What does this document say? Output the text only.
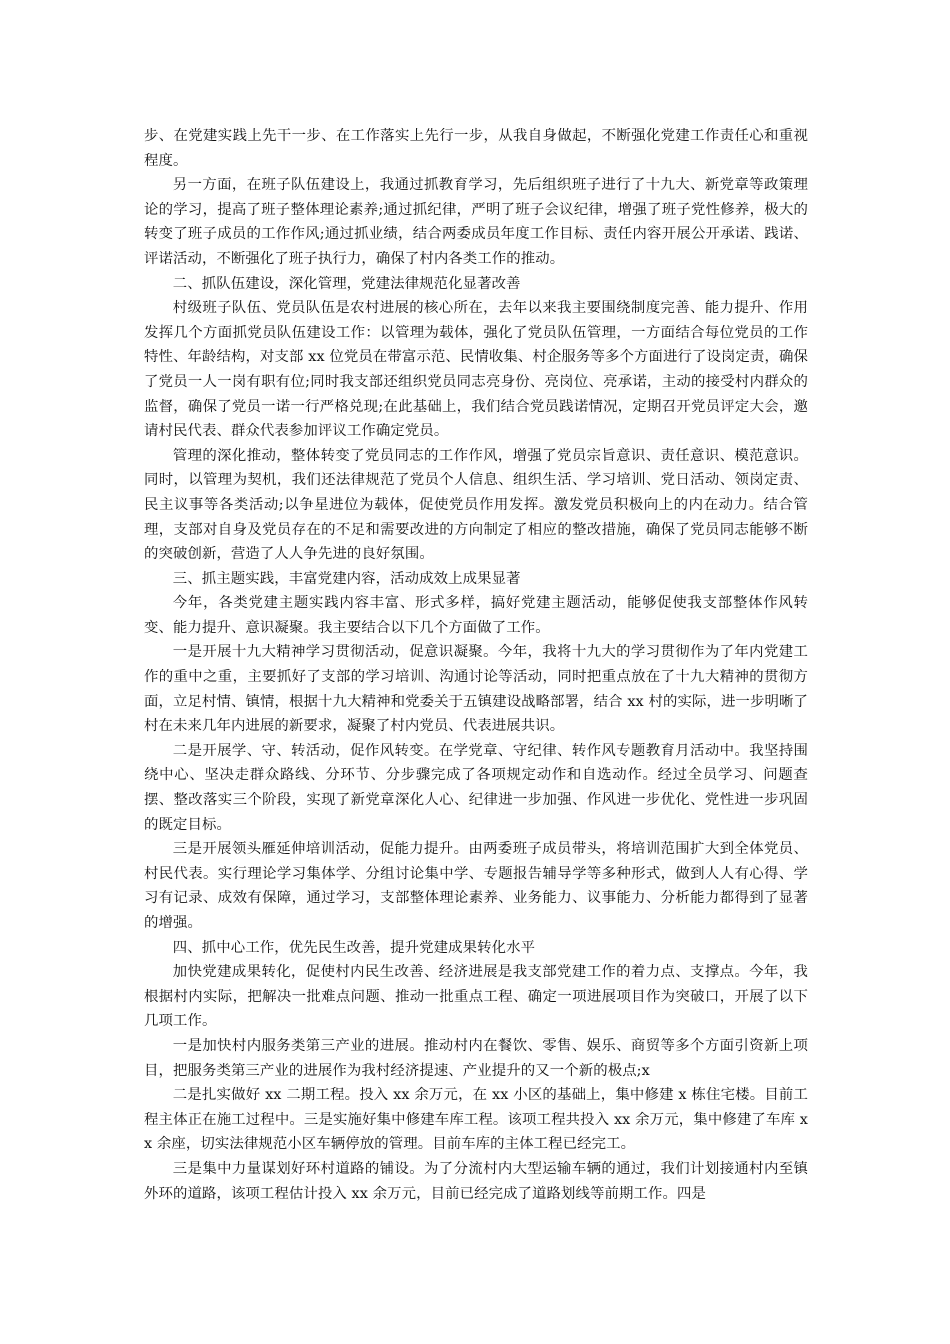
步、在党建实践上先干一步、在工作落实上先行一步，从我自身做起，不断强化党建工作责任心和重视程度。

另一方面，在班子队伍建设上，我通过抓教育学习，先后组织班子进行了十九大、新党章等政策理论的学习，提高了班子整体理论素养;通过抓纪律，严明了班子会议纪律，增强了班子党性修养，极大的转变了班子成员的工作作风;通过抓业绩，结合两委成员年度工作目标、责任内容开展公开承诺、践诺、评诺活动，不断强化了班子执行力，确保了村内各类工作的推动。

二、抓队伍建设，深化管理，党建法律规范化显著改善

村级班子队伍、党员队伍是农村进展的核心所在，去年以来我主要围绕制度完善、能力提升、作用发挥几个方面抓党员队伍建设工作：以管理为载体，强化了党员队伍管理，一方面结合每位党员的工作特性、年龄结构，对支部 xx 位党员在带富示范、民情收集、村企服务等多个方面进行了设岗定责，确保了党员一人一岗有职有位;同时我支部还组织党员同志亮身份、亮岗位、亮承诺，主动的接受村内群众的监督，确保了党员一诺一行严格兑现;在此基础上，我们结合党员践诺情况，定期召开党员评定大会，邀请村民代表、群众代表参加评议工作确定党员。

管理的深化推动，整体转变了党员同志的工作作风，增强了党员宗旨意识、责任意识、模范意识。同时，以管理为契机，我们还法律规范了党员个人信息、组织生活、学习培训、党日活动、领岗定责、民主议事等各类活动;以争星进位为载体，促使党员作用发挥。激发党员积极向上的内在动力。结合管理，支部对自身及党员存在的不足和需要改进的方向制定了相应的整改措施，确保了党员同志能够不断的突破创新，营造了人人争先进的良好氛围。

三、抓主题实践，丰富党建内容，活动成效上成果显著

今年，各类党建主题实践内容丰富、形式多样，搞好党建主题活动，能够促使我支部整体作风转变、能力提升、意识凝聚。我主要结合以下几个方面做了工作。

一是开展十九大精神学习贯彻活动，促意识凝聚。今年，我将十九大的学习贯彻作为了年内党建工作的重中之重，主要抓好了支部的学习培训、沟通讨论等活动，同时把重点放在了十九大精神的贯彻方面，立足村情、镇情，根据十九大精神和党委关于五镇建设战略部署，结合 xx 村的实际，进一步明晰了村在未来几年内进展的新要求，凝聚了村内党员、代表进展共识。

二是开展学、守、转活动，促作风转变。在学党章、守纪律、转作风专题教育月活动中。我坚持围绕中心、坚决走群众路线、分环节、分步骤完成了各项规定动作和自选动作。经过全员学习、问题查摆、整改落实三个阶段，实现了新党章深化人心、纪律进一步加强、作风进一步优化、党性进一步巩固的既定目标。

三是开展领头雁延伸培训活动，促能力提升。由两委班子成员带头，将培训范围扩大到全体党员、村民代表。实行理论学习集体学、分组讨论集中学、专题报告辅导学等多种形式，做到人人有心得、学习有记录、成效有保障，通过学习，支部整体理论素养、业务能力、议事能力、分析能力都得到了显著的增强。

四、抓中心工作，优先民生改善，提升党建成果转化水平

加快党建成果转化，促使村内民生改善、经济进展是我支部党建工作的着力点、支撑点。今年，我根据村内实际，把解决一批难点问题、推动一批重点工程、确定一项进展项目作为突破口，开展了以下几项工作。

一是加快村内服务类第三产业的进展。推动村内在餐饮、零售、娱乐、商贸等多个方面引资新上项目，把服务类第三产业的进展作为我村经济提速、产业提升的又一个新的极点;x

二是扎实做好 xx 二期工程。投入 xx 余万元，在 xx 小区的基础上，集中修建 x 栋住宅楼。目前工程主体正在施工过程中。三是实施好集中修建车库工程。该项工程共投入 xx 余万元，集中修建了车库 xx 余座，切实法律规范小区车辆停放的管理。目前车库的主体工程已经完工。

三是集中力量谋划好环村道路的铺设。为了分流村内大型运输车辆的通过，我们计划接通村内至镇外环的道路，该项工程估计投入 xx 余万元，目前已经完成了道路划线等前期工作。四是
